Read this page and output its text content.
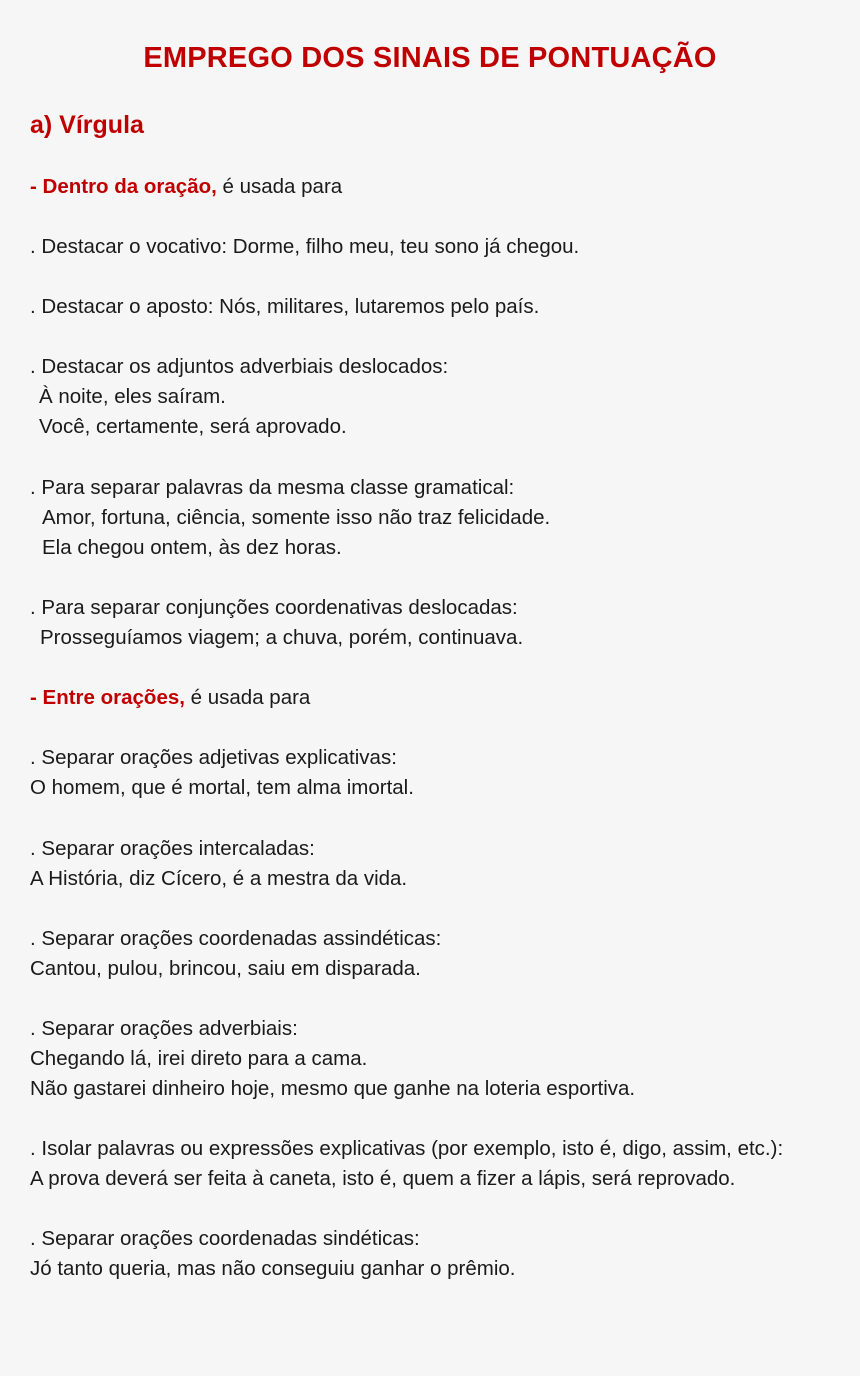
EMPREGO DOS SINAIS DE PONTUAÇÃO
a) Vírgula
- Dentro da oração, é usada para
. Destacar o vocativo: Dorme, filho meu, teu sono já chegou.
. Destacar o aposto: Nós, militares, lutaremos pelo país.
. Destacar os adjuntos adverbiais deslocados:
À noite, eles saíram.
Você, certamente, será aprovado.
. Para separar palavras da mesma classe gramatical:
Amor, fortuna, ciência, somente isso não traz felicidade.
Ela chegou ontem, às dez horas.
. Para separar conjunções coordenativas deslocadas:
Prosseguíamos viagem; a chuva, porém, continuava.
- Entre orações, é usada para
. Separar orações adjetivas explicativas:
O homem, que é mortal, tem alma imortal.
. Separar orações intercaladas:
A História, diz Cícero, é a mestra da vida.
. Separar orações coordenadas assindéticas:
Cantou, pulou, brincou, saiu em disparada.
. Separar orações adverbiais:
Chegando lá, irei direto para a cama.
Não gastarei dinheiro hoje, mesmo que ganhe na loteria esportiva.
. Isolar palavras ou expressões explicativas (por exemplo, isto é, digo, assim, etc.):
A prova deverá ser feita à caneta, isto é, quem a fizer a lápis, será reprovado.
. Separar orações coordenadas sindéticas:
Jó tanto queria, mas não conseguiu ganhar o prêmio.
